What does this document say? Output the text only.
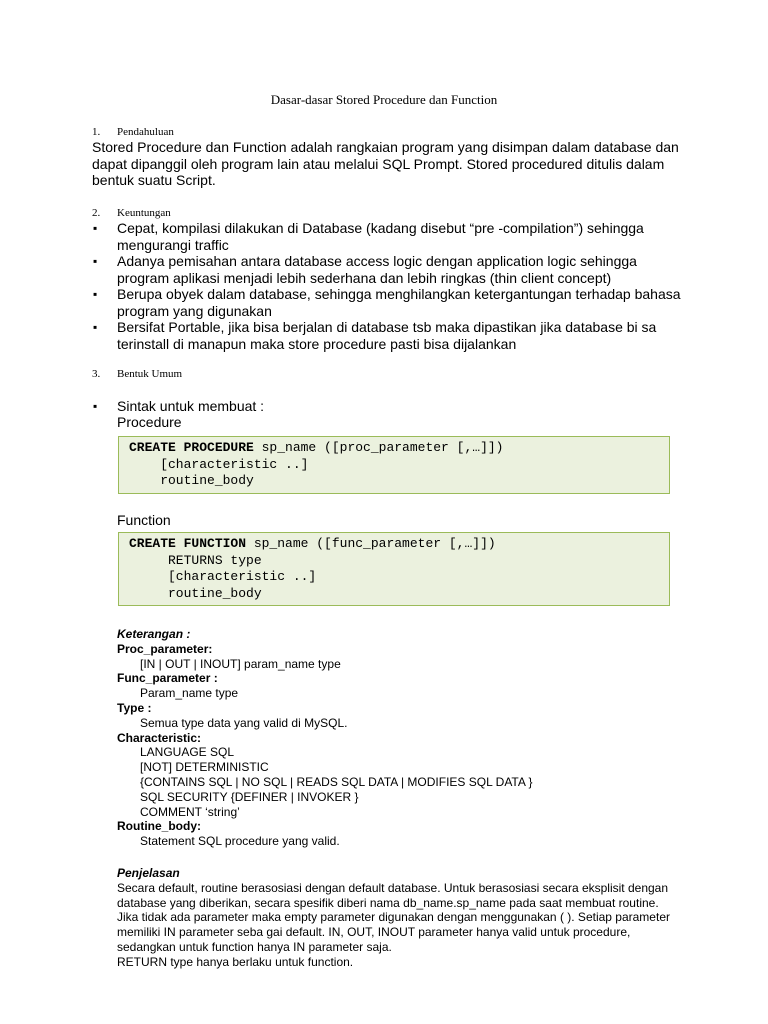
Dasar-dasar Stored Procedure dan Function
1. Pendahuluan
Stored Procedure dan Function adalah rangkaian program yang disimpan dalam database dan dapat dipanggil oleh program lain atau melalui SQL Prompt. Stored procedured ditulis dalam bentuk suatu Script.
2. Keuntungan
▪ Cepat, kompilasi dilakukan di Database (kadang disebut “pre -compilation”) sehingga mengurangi traffic
▪ Adanya pemisahan antara database access logic dengan application logic sehingga program aplikasi menjadi lebih sederhana dan lebih ringkas (thin client concept)
▪ Berupa obyek dalam database, sehingga menghilangkan ketergantungan terhadap bahasa program yang digunakan
▪ Bersifat Portable, jika bisa berjalan di database tsb maka dipastikan jika database bi sa terinstall di manapun maka store procedure pasti bisa dijalankan
3. Bentuk Umum
▪ Sintak untuk membuat :
Procedure
CREATE PROCEDURE sp_name ([proc_parameter [,…]])
[characteristic ..]
routine_body
Function
CREATE FUNCTION sp_name ([func_parameter [,…]])
RETURNS type
[characteristic ..]
routine_body
Keterangan :
Proc_parameter:
[IN | OUT | INOUT] param_name type
Func_parameter :
Param_name type
Type :
Semua type data yang valid di MySQL.
Characteristic:
LANGUAGE SQL
[NOT] DETERMINISTIC
{CONTAINS SQL | NO SQL | READS SQL DATA | MODIFIES SQL DATA }
SQL SECURITY {DEFINER | INVOKER }
COMMENT ‘string’
Routine_body:
Statement SQL procedure yang valid.
Penjelasan
Secara default, routine berasosiasi dengan default database. Untuk berasosiasi secara eksplisit dengan database yang diberikan, secara spesifik diberi nama db_name.sp_name pada saat membuat routine.
Jika tidak ada parameter maka empty parameter digunakan dengan menggunakan ( ). Setiap parameter memiliki IN parameter seba gai default. IN, OUT, INOUT parameter hanya valid untuk procedure, sedangkan untuk function hanya IN parameter saja.
RETURN type hanya berlaku untuk function.
